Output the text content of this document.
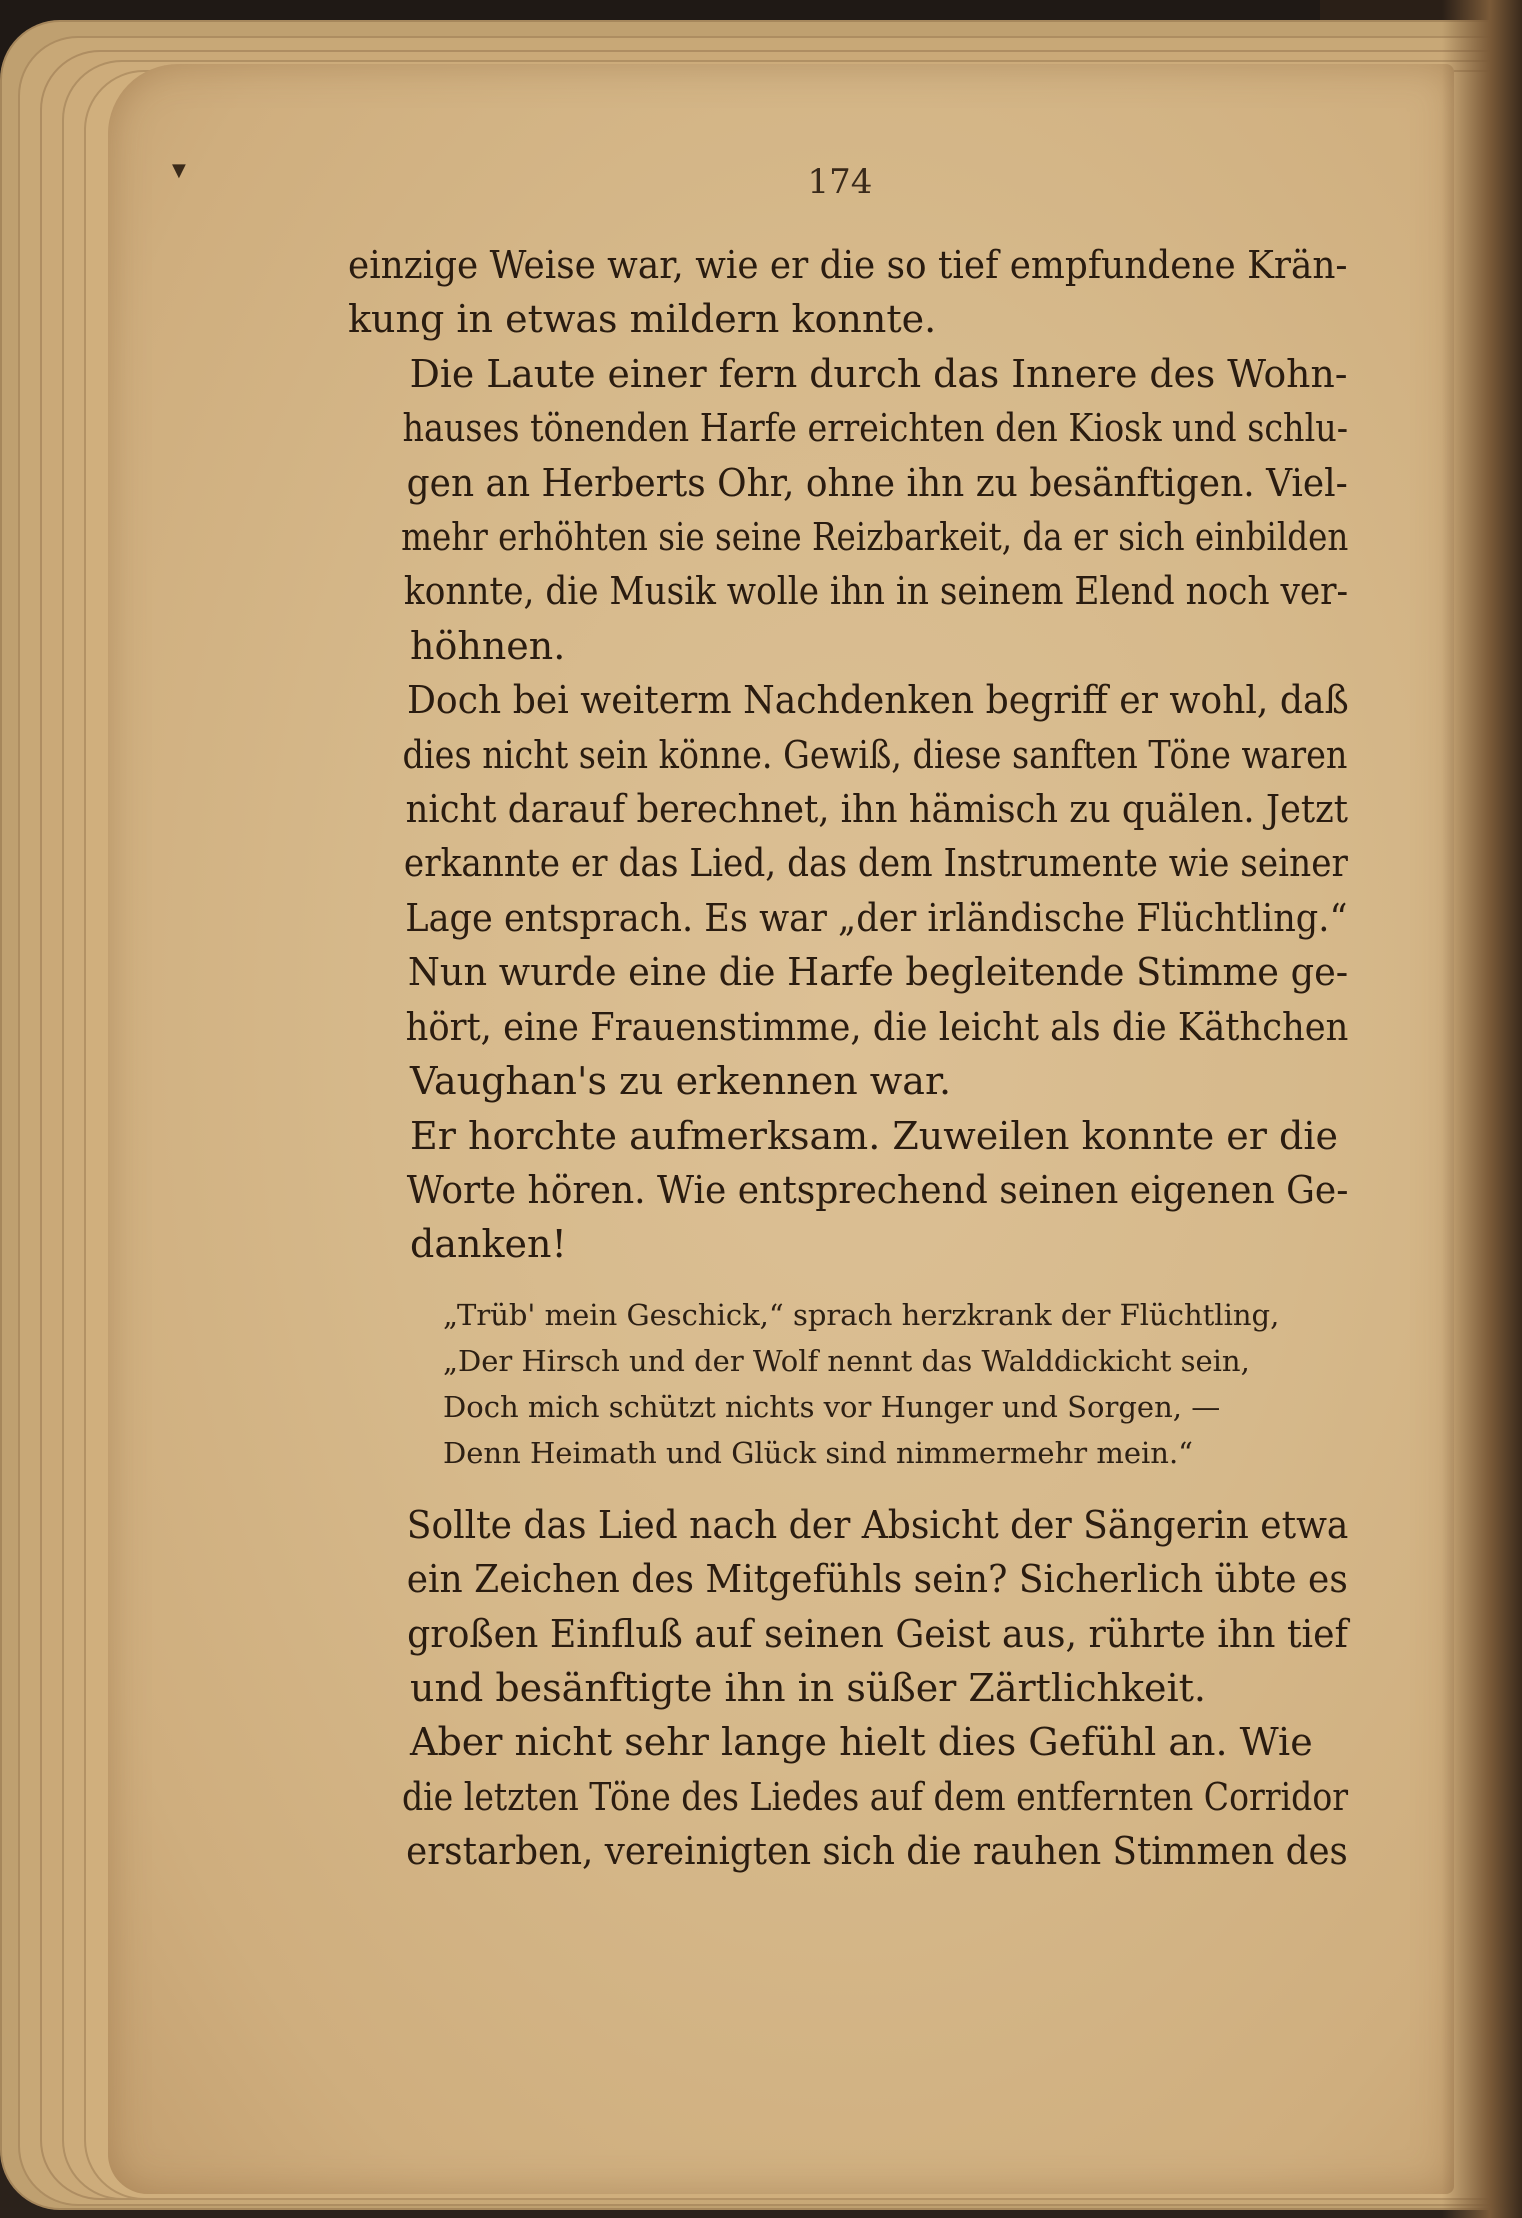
▼	174

einzige Weise war, wie er die so tief empfundene Krän-
kung in etwas mildern konnte.

Die Laute einer fern durch das Innere des Wohn-
hauses tönenden Harfe erreichten den Kiosk und schlu-
gen an Herberts Ohr, ohne ihn zu besänftigen. Viel-
mehr erhöhten sie seine Reizbarkeit, da er sich einbilden
konnte, die Musik wolle ihn in seinem Elend noch ver-
höhnen.

Doch bei weiterm Nachdenken begriff er wohl, daß
dies nicht sein könne. Gewiß, diese sanften Töne waren
nicht darauf berechnet, ihn hämisch zu quälen. Jetzt
erkannte er das Lied, das dem Instrumente wie seiner
Lage entsprach. Es war „der irländische Flüchtling.“

Nun wurde eine die Harfe begleitende Stimme ge-
hört, eine Frauenstimme, die leicht als die Käthchen
Vaughan's zu erkennen war.

Er horchte aufmerksam. Zuweilen konnte er die
Worte hören. Wie entsprechend seinen eigenen Ge-
danken!

„Trüb' mein Geschick,“ sprach herzkrank der Flüchtling,
„Der Hirsch und der Wolf nennt das Walddickicht sein,
Doch mich schützt nichts vor Hunger und Sorgen, —
Denn Heimath und Glück sind nimmermehr mein.“

Sollte das Lied nach der Absicht der Sängerin etwa
ein Zeichen des Mitgefühls sein? Sicherlich übte es
großen Einfluß auf seinen Geist aus, rührte ihn tief
und besänftigte ihn in süßer Zärtlichkeit.

Aber nicht sehr lange hielt dies Gefühl an. Wie
die letzten Töne des Liedes auf dem entfernten Corridor
erstarben, vereinigten sich die rauhen Stimmen des
